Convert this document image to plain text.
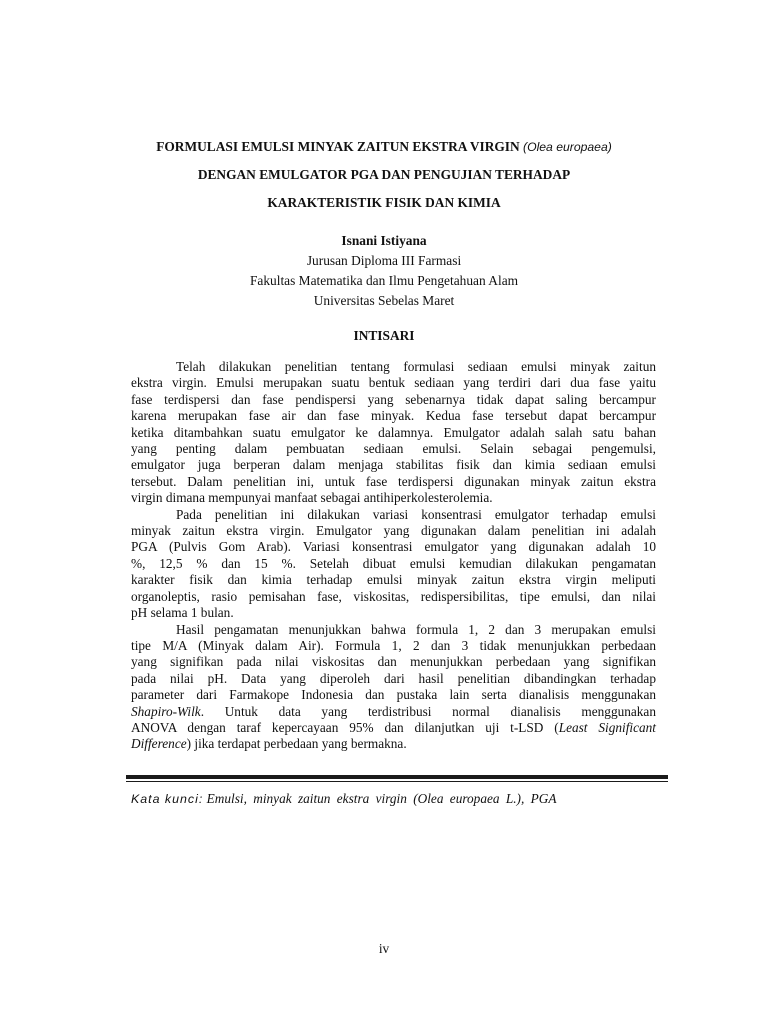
FORMULASI EMULSI MINYAK ZAITUN EKSTRA VIRGIN (Olea europaea)
DENGAN EMULGATOR PGA DAN PENGUJIAN TERHADAP
KARAKTERISTIK FISIK DAN KIMIA
Isnani Istiyana
Jurusan Diploma III Farmasi
Fakultas Matematika dan Ilmu Pengetahuan Alam
Universitas Sebelas Maret
INTISARI

Telah dilakukan penelitian tentang formulasi sediaan emulsi minyak zaitun
ekstra virgin. Emulsi merupakan suatu bentuk sediaan yang terdiri dari dua fase yaitu
fase terdispersi dan fase pendispersi yang sebenarnya tidak dapat saling bercampur
karena merupakan fase air dan fase minyak. Kedua fase tersebut dapat bercampur
ketika ditambahkan suatu emulgator ke dalamnya. Emulgator adalah salah satu bahan
yang penting dalam pembuatan sediaan emulsi. Selain sebagai pengemulsi,
emulgator juga berperan dalam menjaga stabilitas fisik dan kimia sediaan emulsi
tersebut. Dalam penelitian ini, untuk fase terdispersi digunakan minyak zaitun ekstra
virgin dimana mempunyai manfaat sebagai antihiperkolesterolemia.

Pada penelitian ini dilakukan variasi konsentrasi emulgator terhadap emulsi
minyak zaitun ekstra virgin. Emulgator yang digunakan dalam penelitian ini adalah
PGA (Pulvis Gom Arab). Variasi konsentrasi emulgator yang digunakan adalah 10
%, 12,5 % dan 15 %. Setelah dibuat emulsi kemudian dilakukan pengamatan
karakter fisik dan kimia terhadap emulsi minyak zaitun ekstra virgin meliputi
organoleptis, rasio pemisahan fase, viskositas, redispersibilitas, tipe emulsi, dan nilai
pH selama 1 bulan.

Hasil pengamatan menunjukkan bahwa formula 1, 2 dan 3 merupakan emulsi
tipe M/A (Minyak dalam Air). Formula 1, 2 dan 3 tidak menunjukkan perbedaan
yang signifikan pada nilai viskositas dan menunjukkan perbedaan yang signifikan
pada nilai pH. Data yang diperoleh dari hasil penelitian dibandingkan terhadap
parameter dari Farmakope Indonesia dan pustaka lain serta dianalisis menggunakan
Shapiro-Wilk. Untuk data yang terdistribusi normal dianalisis menggunakan
ANOVA dengan taraf kepercayaan 95% dan dilanjutkan uji t-LSD (Least Significant
Difference) jika terdapat perbedaan yang bermakna.

Kata kunci: Emulsi, minyak zaitun ekstra virgin (Olea europaea L.), PGA
iv
